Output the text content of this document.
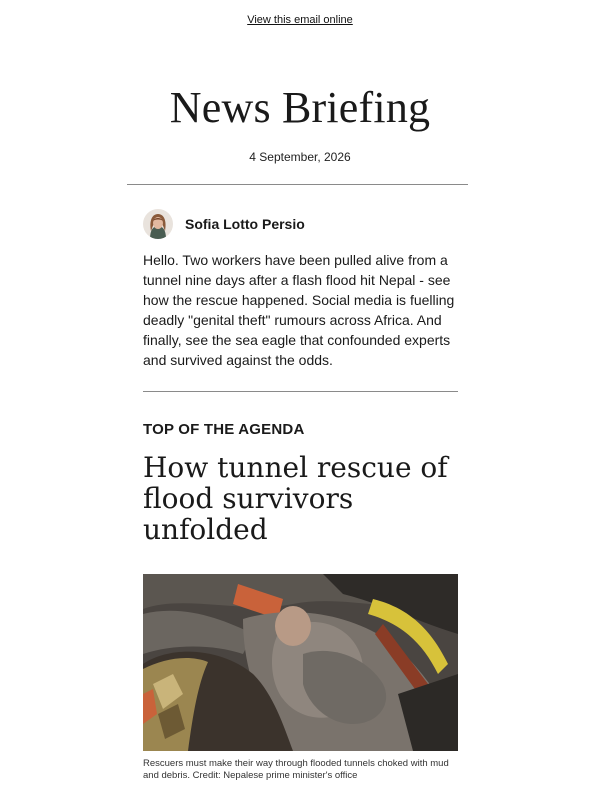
View this email online
News Briefing
4 September, 2026
Sofia Lotto Persio

Hello. Two workers have been pulled alive from a tunnel nine days after a flash flood hit Nepal - see how the rescue happened. Social media is fuelling deadly "genital theft" rumours across Africa. And finally, see the sea eagle that confounded experts and survived against the odds.

TOP OF THE AGENDA
How tunnel rescue of flood survivors unfolded

Rescuers must make their way through flooded tunnels choked with mud and debris. Credit: Nepalese prime minister's office
